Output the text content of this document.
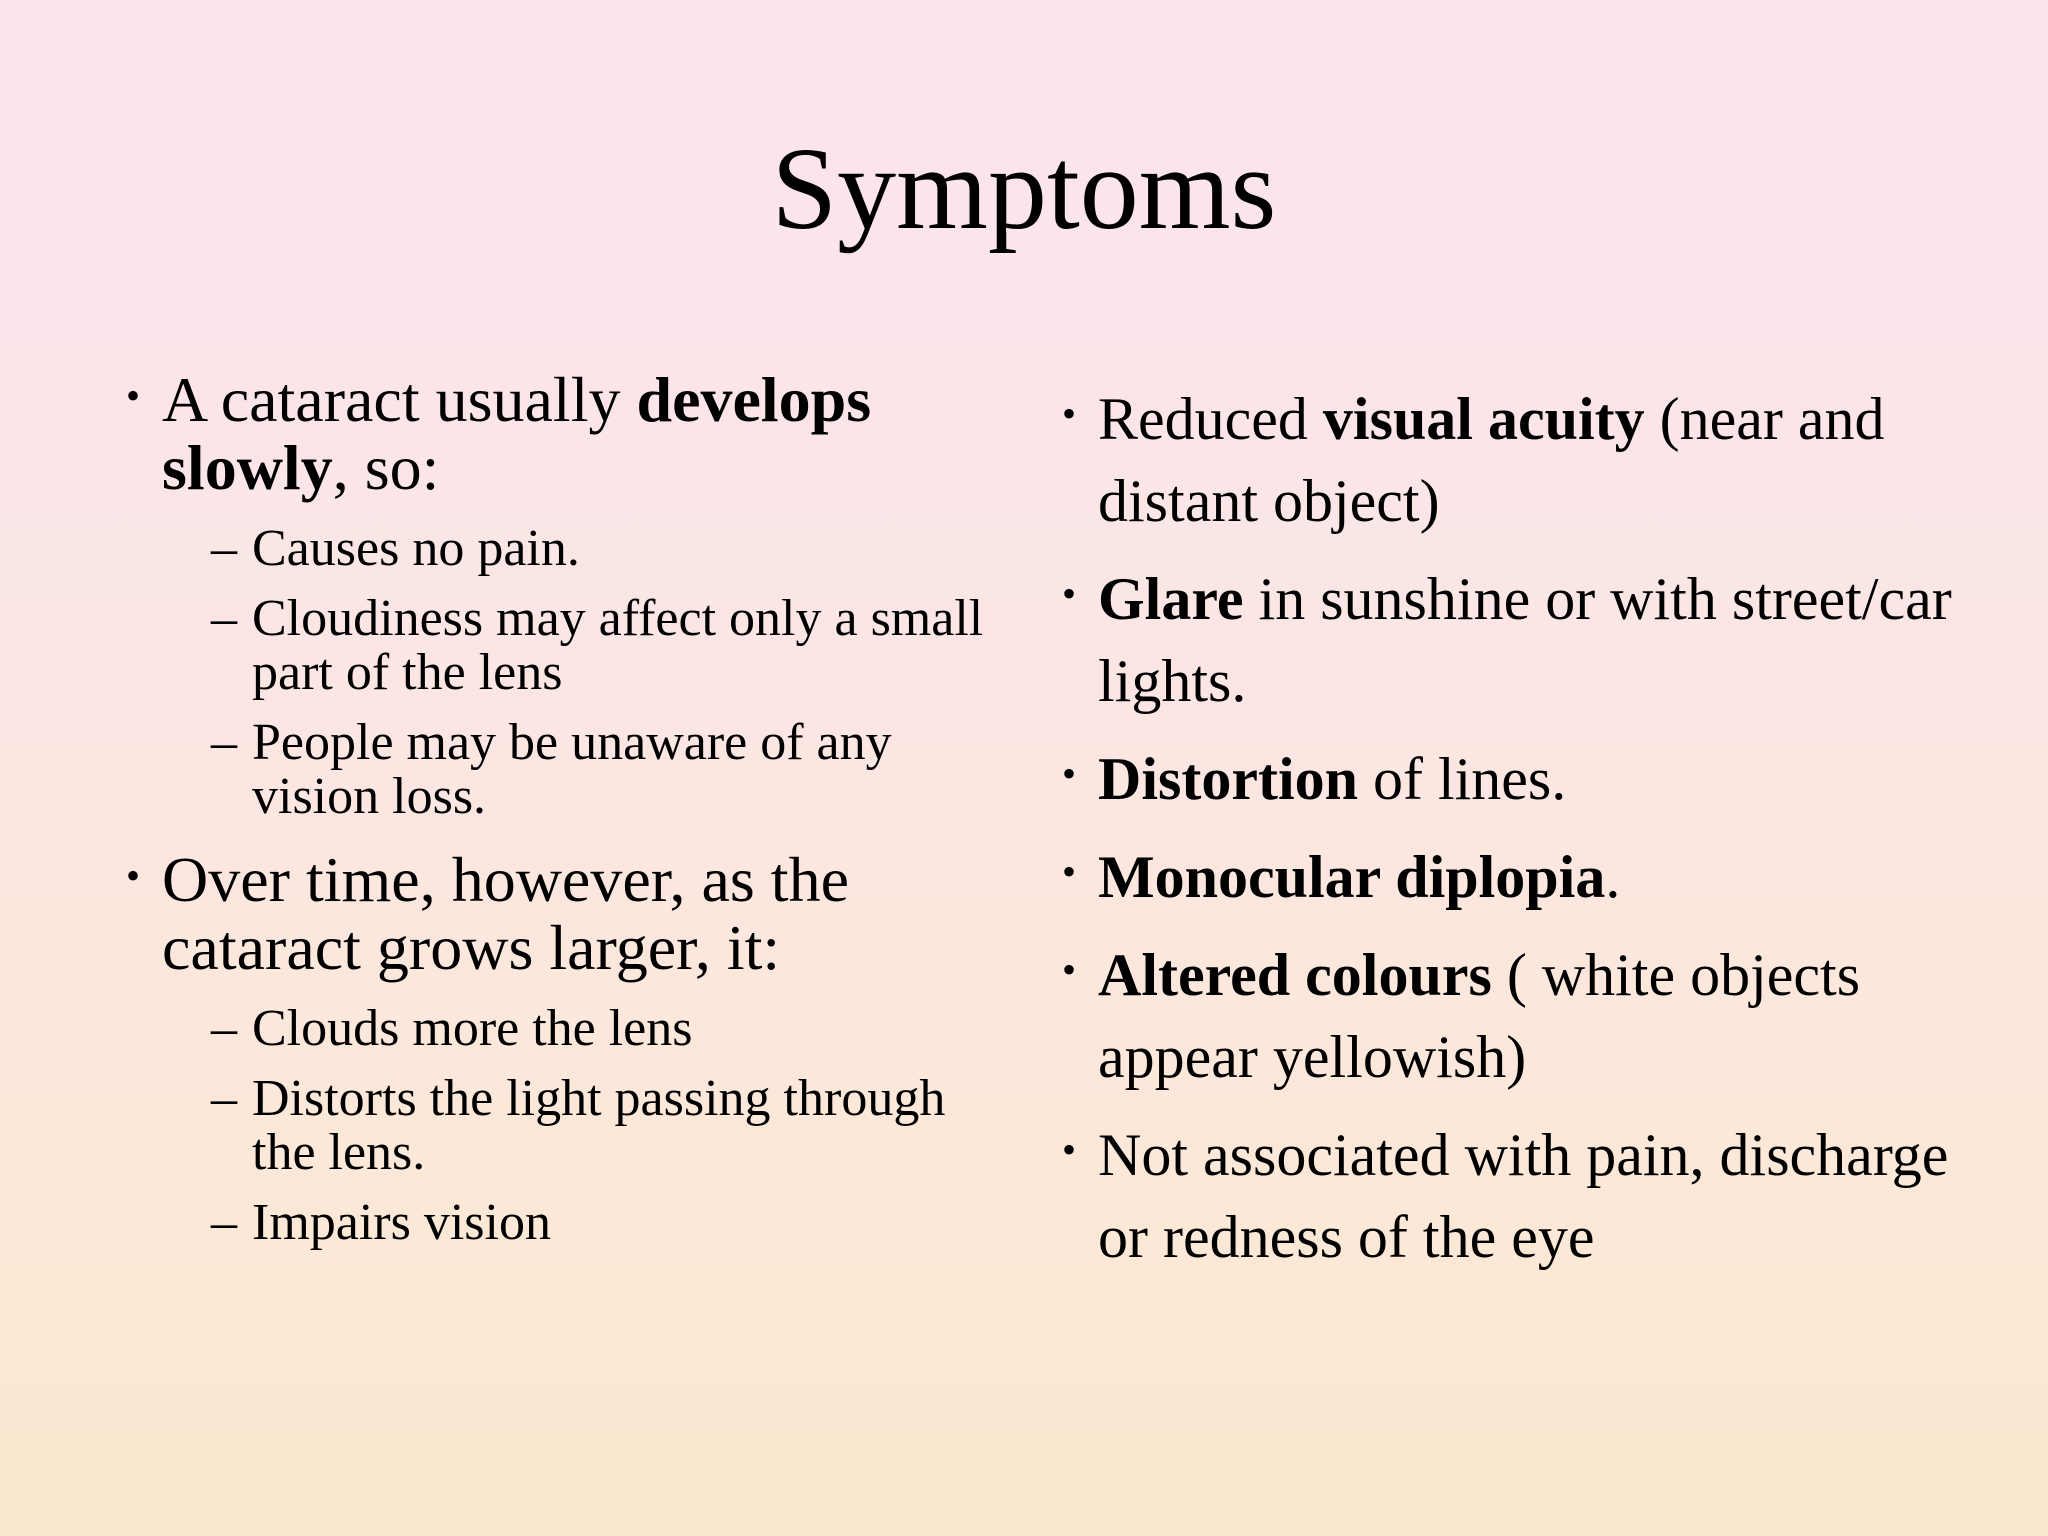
Symptoms
• A cataract usually develops slowly, so:
– Causes no pain.
– Cloudiness may affect only a small part of the lens
– People may be unaware of any vision loss.
• Over time, however, as the cataract grows larger, it:
– Clouds more the lens
– Distorts the light passing through the lens.
– Impairs vision
• Reduced visual acuity (near and distant object)
• Glare in sunshine or with street/car lights.
• Distortion of lines.
• Monocular diplopia.
• Altered colours ( white objects appear yellowish)
• Not associated with pain, discharge or redness of the eye
